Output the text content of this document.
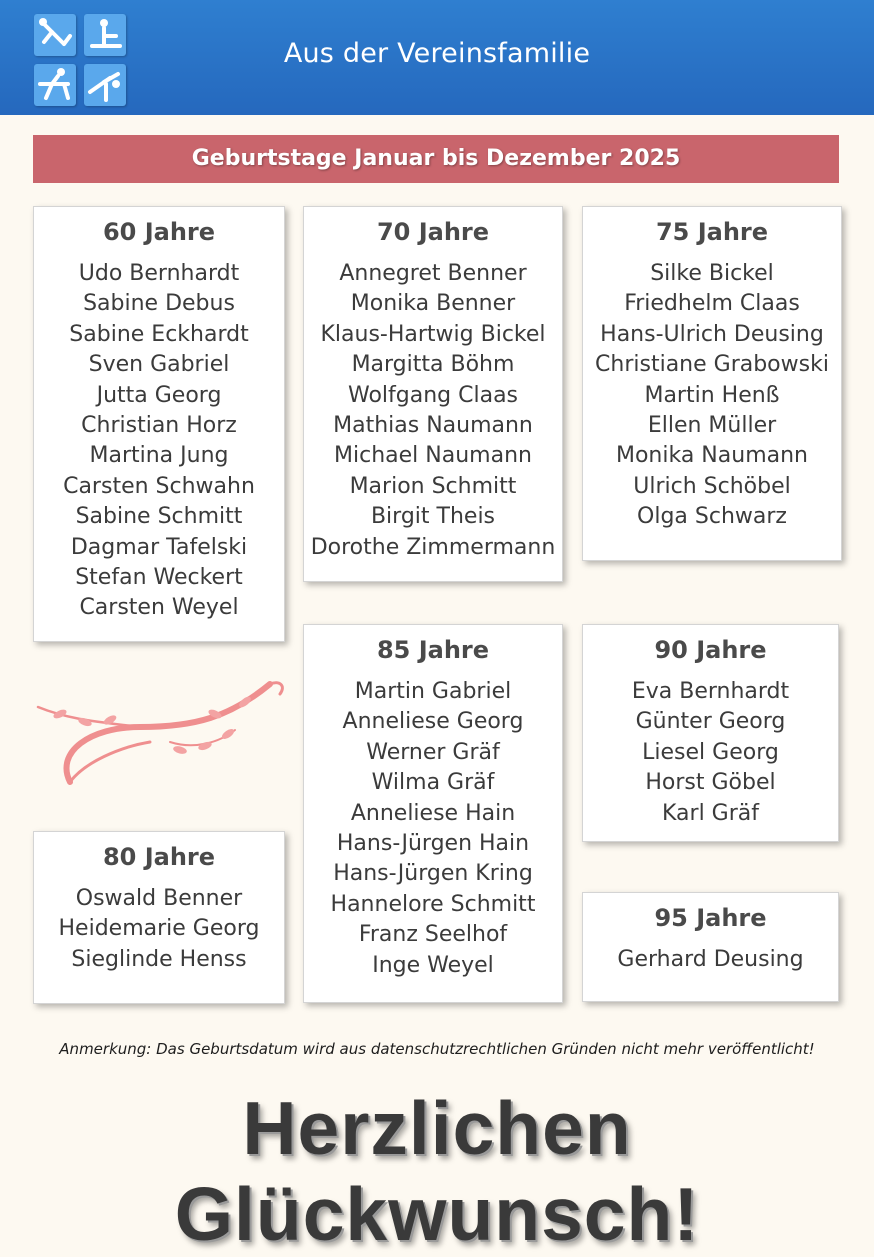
Aus der Vereinsfamilie
Geburtstage Januar bis Dezember 2025
60 Jahre
Udo Bernhardt
Sabine Debus
Sabine Eckhardt
Sven Gabriel
Jutta Georg
Christian Horz
Martina Jung
Carsten Schwahn
Sabine Schmitt
Dagmar Tafelski
Stefan Weckert
Carsten Weyel
70 Jahre
Annegret Benner
Monika Benner
Klaus-Hartwig Bickel
Margitta Böhm
Wolfgang Claas
Mathias Naumann
Michael Naumann
Marion Schmitt
Birgit Theis
Dorothe Zimmermann
75 Jahre
Silke Bickel
Friedhelm Claas
Hans-Ulrich Deusing
Christiane Grabowski
Martin Henß
Ellen Müller
Monika Naumann
Ulrich Schöbel
Olga Schwarz
80 Jahre
Oswald Benner
Heidemarie Georg
Sieglinde Henss
85 Jahre
Martin Gabriel
Anneliese Georg
Werner Gräf
Wilma Gräf
Anneliese Hain
Hans-Jürgen Hain
Hans-Jürgen Kring
Hannelore Schmitt
Franz Seelhof
Inge Weyel
90 Jahre
Eva Bernhardt
Günter Georg
Liesel Georg
Horst Göbel
Karl Gräf
95 Jahre
Gerhard Deusing
Anmerkung: Das Geburtsdatum wird aus datenschutzrechtlichen Gründen nicht mehr veröffentlicht!
Herzlichen Glückwunsch!
